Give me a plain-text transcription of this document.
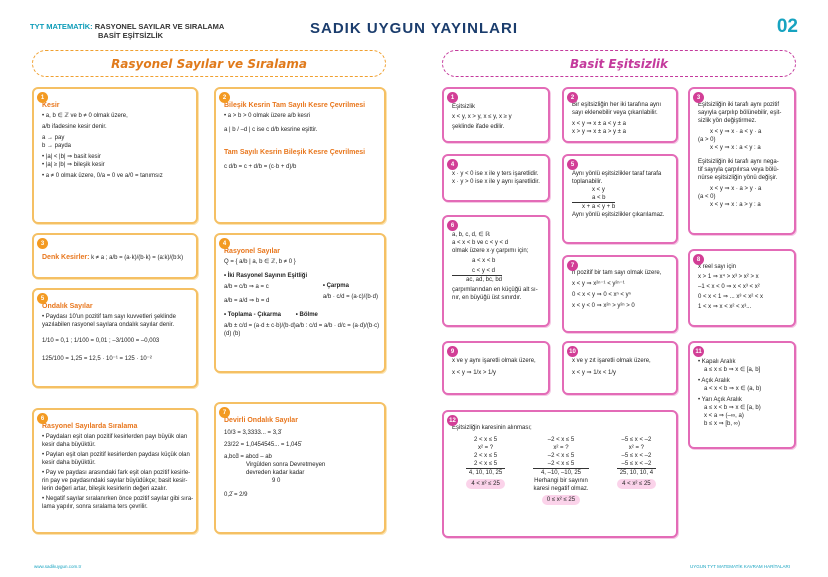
TYT MATEMATİK: RASYONEL SAYILAR VE SIRALAMA
BASİT EŞİTSİZLİK	SADIK UYGUN YAYINLARI	02
Rasyonel Sayılar ve Sıralama	Basit Eşitsizlik
1
Kesir
• a, b ∈ ℤ ve b ≠ 0 olmak üzere,
a/b ifadesine kesir denir.
a → pay
b → payda
• |a| < |b| ⇒ basit kesir
• |a| ≥ |b| ⇒ bileşik kesir
• a ≠ 0 olmak üzere, 0/a = 0 ve a/0 = tanımsız
2
Bileşik Kesrin Tam Sayılı Kesre Çevrilmesi
• a > b > 0 olmak üzere a/b kesri
a | b / –d | c ise c d/b kesrine eşittir.
Tam Sayılı Kesrin Bileşik Kesre Çevrilmesi
c d/b = c + d/b = (c·b + d)/b
3
Denk Kesirler: k ≠ a ; a/b = (a·k)/(b·k) = (a:k)/(b:k)
4
Rasyonel Sayılar
Q = { a/b | a, b ∈ ℤ, b ≠ 0 }
• İki Rasyonel Sayının Eşitliği
a/b = c/b ⇒ a = c
a/b = a/d ⇒ b = d
• Çarpma
a/b · c/d = (a·c)/(b·d)
• Toplama - Çıkarma
a/b ± c/d = (a·d ± c·b)/(b·d)
(d) (b)
• Bölme
a/b : c/d = a/b · d/c = (a·d)/(b·c)
5
Ondalık Sayılar
• Paydası 10'un pozitif tam sayı kuvvetleri şeklinde
yazılabilen rasyonel sayılara ondalık sayılar denir.
1/10 = 0,1 ; 1/100 = 0,01 ; –3/1000 = –0,003
125/100 = 1,25 = 12,5 · 10⁻¹ = 125 · 10⁻²
6
Rasyonel Sayılarda Sıralama
• Paydaları eşit olan pozitif kesirlerden payı büyük olan
kesir daha büyüktür.
• Payları eşit olan pozitif kesirlerden paydası küçük olan
kesir daha büyüktür.
• Pay ve paydası arasındaki fark eşit olan pozitif kesirle-
rin pay ve paydasındaki sayılar büyüdükçe; basit kesir-
lerin değeri artar, bileşik kesirlerin değeri azalır.
• Negatif sayılar sıralanırken önce pozitif sayılar gibi sıra-
lama yapılır, sonra sıralama ters çevrilir.
7
Devirli Ondalık Sayılar
10/3 = 3,3333... = 3,3̄
23/22 = 1,0454545... = 1,045̄
a,bcd̄ = abcd – ab
Virgülden sonra Devretmeyen
devreden kadar kadar
9 0
0,2̄ = 2/9
1
Eşitsizlik
x < y, x > y, x ≤ y, x ≥ y
şeklinde ifade edilir.
2
Bir eşitsizliğin her iki tarafına aynı
sayı eklenebilir veya çıkarılabilir.
x < y ⇒ x ± a < y ± a
x > y ⇒ x ± a > y ± a
3
Eşitsizliğin iki tarafı aynı pozitif
sayıyla çarpılıp bölünebilir, eşit-
sizlik yön değiştirmez.
x < y ⇒ x · a < y · a
(a > 0)
x < y ⇒ x : a < y : a
Eşitsizliğin iki tarafı aynı nega-
tif sayıyla çarpılırsa veya bölü-
nürse eşitsizliğin yönü değişir.
x < y ⇒ x · a > y · a
(a < 0)
x < y ⇒ x : a > y : a
4
x · y < 0 ise x ile y ters işaretlidir.
x · y > 0 ise x ile y aynı işaretlidir.
5
Aynı yönlü eşitsizlikler taraf tarafa
toplanabilir.
x < y
a < b
x + a < y + b
Aynı yönlü eşitsizlikler çıkarılamaz.
6
a, b, c, d, ∈ ℝ
a < x < b ve c < y < d
olmak üzere x·y çarpımı için;
a < x < b
c < y < d
ac, ad, bc, bd
çarpımlarından en küçüğü alt sı-
nır, en büyüğü üst sınırdır.
7
n pozitif bir tam sayı olmak üzere,
x < y ⇒ x²ⁿ⁻¹ < y²ⁿ⁻¹
0 < x < y ⇒ 0 < xⁿ < yⁿ
x < y < 0 ⇒ x²ⁿ > y²ⁿ > 0
8
x reel sayı için
x > 1 ⇒ x⁴ > x³ > x² > x
–1 < x < 0 ⇒ x < x³ < x²
0 < x < 1 ⇒ ... x³ < x² < x
1 < x ⇒ x < x² < x³...
9
x ve y aynı işaretli olmak üzere,
x < y ⇒ 1/x > 1/y
10
x ve y zıt işaretli olmak üzere,
x < y ⇒ 1/x < 1/y
11
• Kapalı Aralık
a ≤ x ≤ b ⇒ x ∈ [a, b]
• Açık Aralık
a < x < b ⇒ x ∈ (a, b)
• Yarı Açık Aralık
a ≤ x < b ⇒ x ∈ [a, b)
x < a ⇒ (–∞, a)
b ≤ x ⇒ [b, ∞)
12
Eşitsizliğin karesinin alınması;
2 < x ≤ 5
x² = ?
2 < x ≤ 5
2 < x ≤ 5
4, 10, 10, 25
4 < x² ≤ 25
–2 < x ≤ 5
x² = ?
–2 < x ≤ 5
–2 < x ≤ 5
4, –10, –10, 25
Herhangi bir sayının
karesi negatif olmaz.
0 ≤ x² ≤ 25
–5 ≤ x < –2
x² = ?
–5 ≤ x < –2
–5 ≤ x < –2
25, 10, 10, 4
4 < x² ≤ 25
www.sadikuygun.com.tr	UYGUN TYT MATEMATİK KAVRAM HARİTALARI
